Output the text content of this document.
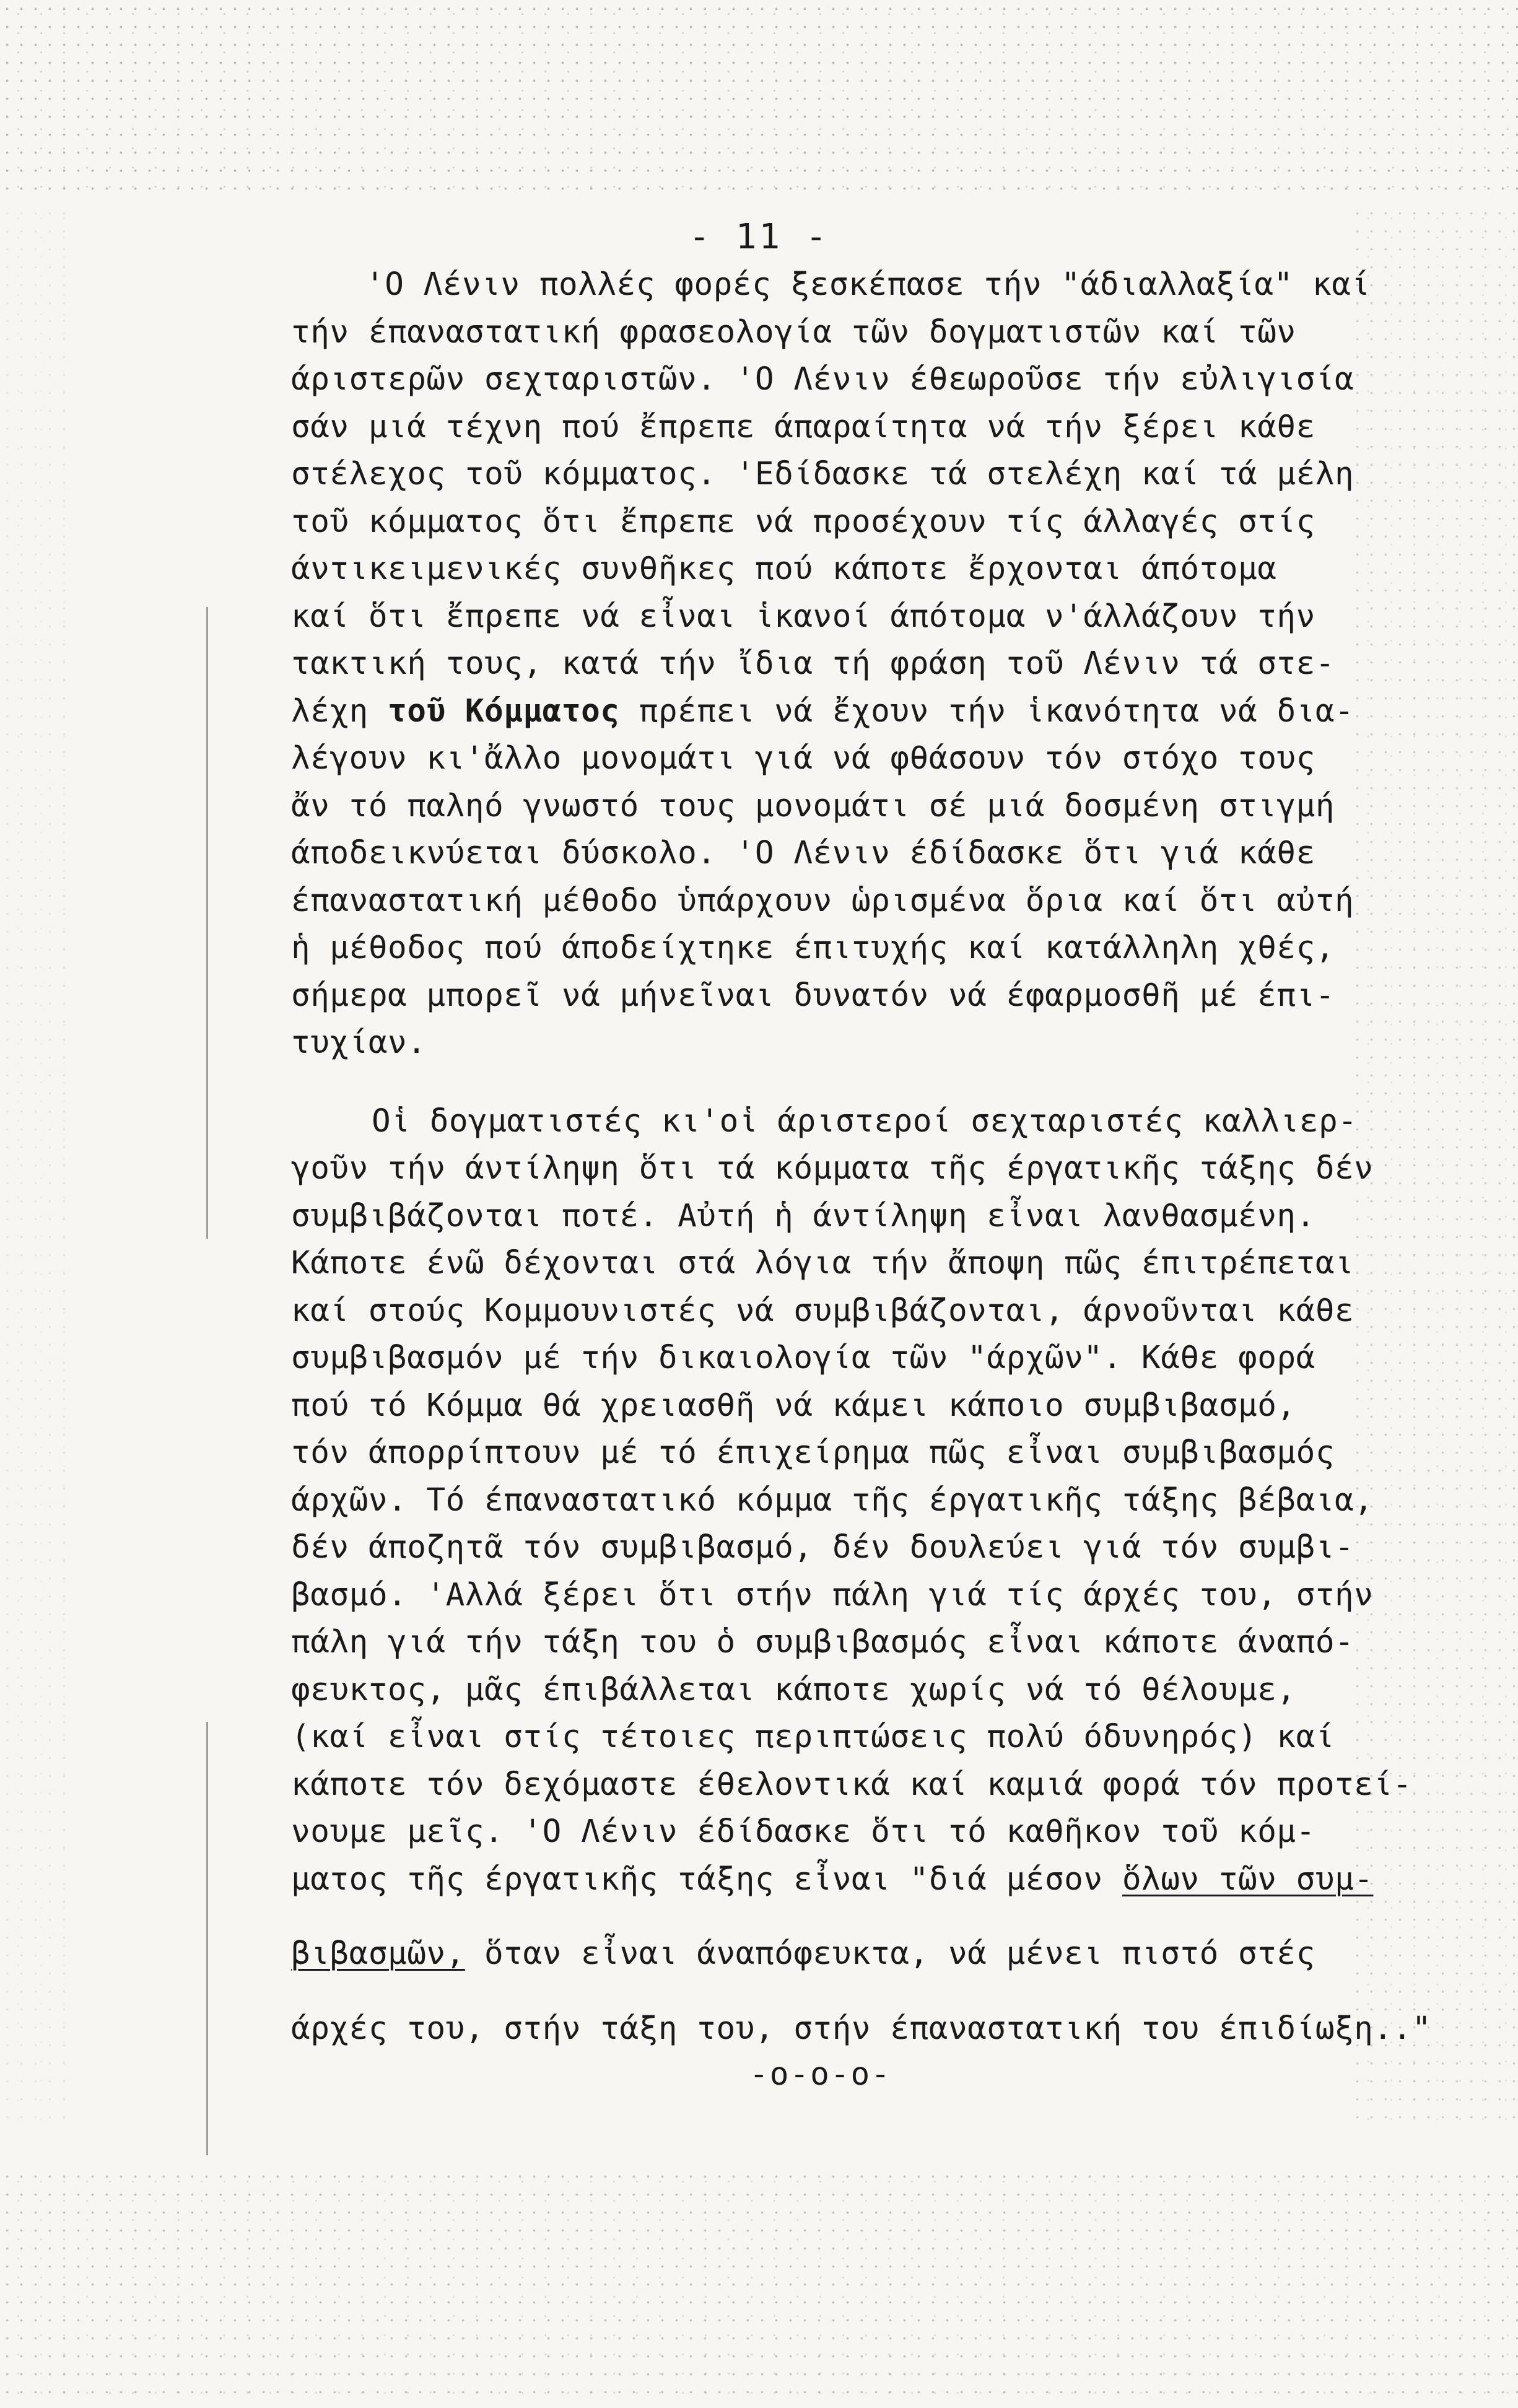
- 11 -
'Ο Λένιν πολλές φορές ξεσκέπασε τήν "άδιαλλαξία" καί
τήν έπαναστατική φρασεολογία τῶν δογματιστῶν καί τῶν
άριστερῶν σεχταριστῶν. 'Ο Λένιν έθεωροῦσε τήν εὐλιγισία
σάν μιά τέχνη πού ἔπρεπε άπαραίτητα νά τήν ξέρει κάθε
στέλεχος τοῦ κόμματος. 'Εδίδασκε τά στελέχη καί τά μέλη
τοῦ κόμματος ὅτι ἔπρεπε νά προσέχουν τίς άλλαγές στίς
άντικειμενικές συνθῆκες πού κάποτε ἔρχονται άπότομα
καί ὅτι ἔπρεπε νά εἶναι ἱκανοί άπότομα ν'άλλάζουν τήν
τακτική τους, κατά τήν ἴδια τή φράση τοῦ Λένιν τά στε-
λέχη τοῦ Κόμματος πρέπει νά ἔχουν τήν ἱκανότητα νά δια-
λέγουν κι'ἄλλο μονομάτι γιά νά φθάσουν τόν στόχο τους
ἄν τό παληό γνωστό τους μονομάτι σέ μιά δοσμένη στιγμή
άποδεικνύεται δύσκολο. 'Ο Λένιν έδίδασκε ὅτι γιά κάθε
έπαναστατική μέθοδο ὑπάρχουν ὡρισμένα ὅρια καί ὅτι αὐτή
ἡ μέθοδος πού άποδείχτηκε έπιτυχής καί κατάλληλη χθές,
σήμερα μπορεῖ νά μήνεῖναι δυνατόν νά έφαρμοσθῆ μέ έπι-
τυχίαν.
Οἱ δογματιστές κι'οἱ άριστεροί σεχταριστές καλλιερ-
γοῦν τήν άντίληψη ὅτι τά κόμματα τῆς έργατικῆς τάξης δέν
συμβιβάζονται ποτέ. Αὐτή ἡ άντίληψη εἶναι λανθασμένη.
Κάποτε ένῶ δέχονται στά λόγια τήν ἄποψη πῶς έπιτρέπεται
καί στούς Κομμουνιστές νά συμβιβάζονται, άρνοῦνται κάθε
συμβιβασμόν μέ τήν δικαιολογία τῶν "άρχῶν". Κάθε φορά
πού τό Κόμμα θά χρειασθῆ νά κάμει κάποιο συμβιβασμό,
τόν άπορρίπτουν μέ τό έπιχείρημα πῶς εἶναι συμβιβασμός
άρχῶν. Τό έπαναστατικό κόμμα τῆς έργατικῆς τάξης βέβαια,
δέν άποζητᾶ τόν συμβιβασμό, δέν δουλεύει γιά τόν συμβι-
βασμό. 'Αλλά ξέρει ὅτι στήν πάλη γιά τίς άρχές του, στήν
πάλη γιά τήν τάξη του ὁ συμβιβασμός εἶναι κάποτε άναπό-
φευκτος, μᾶς έπιβάλλεται κάποτε χωρίς νά τό θέλουμε,
(καί εἶναι στίς τέτοιες περιπτώσεις πολύ όδυνηρός) καί
κάποτε τόν δεχόμαστε έθελοντικά καί καμιά φορά τόν προτεί-
νουμε μεῖς. 'Ο Λένιν έδίδασκε ὅτι τό καθῆκον τοῦ κόμ-
ματος τῆς έργατικῆς τάξης εἶναι "διά μέσον ὅλων τῶν συμ-
βιβασμῶν, ὅταν εἶναι άναπόφευκτα, νά μένει πιστό στές
άρχές του, στήν τάξη του, στήν έπαναστατική του έπιδίωξη.."
-o-o-o-
